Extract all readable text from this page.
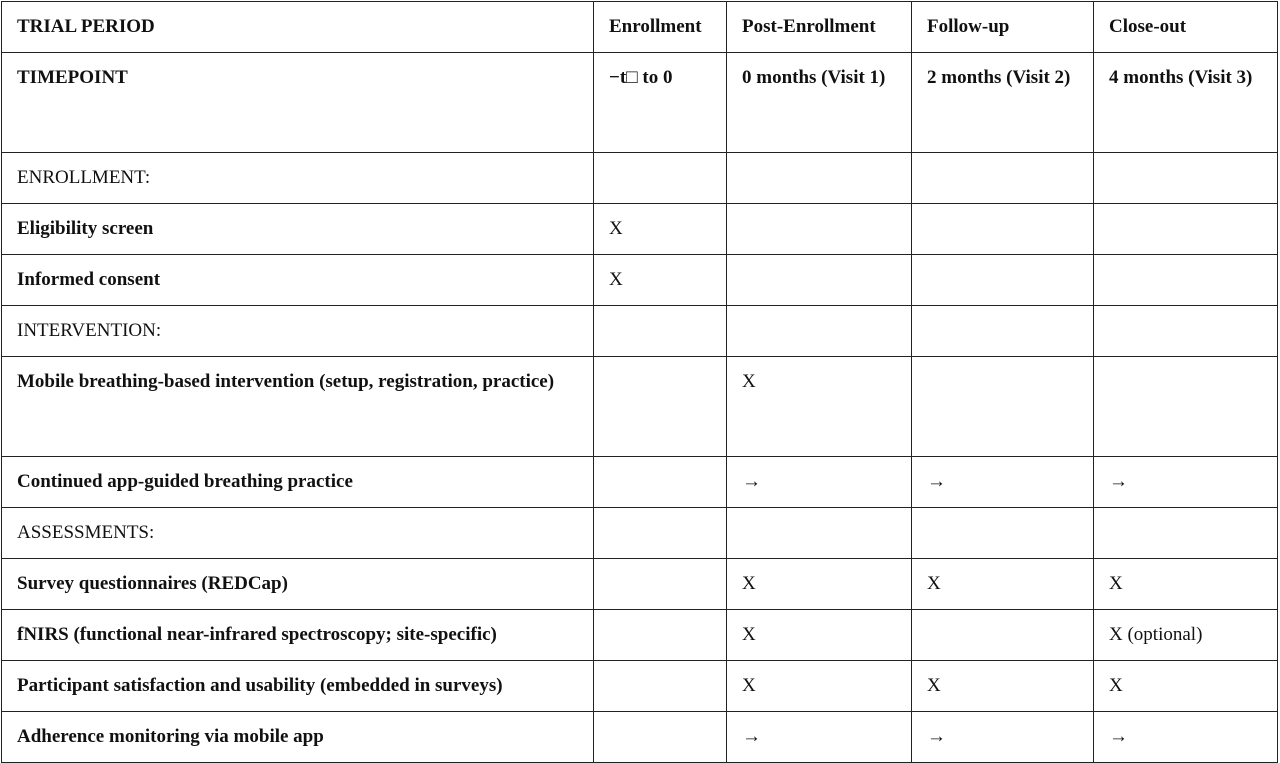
TRIAL PERIOD	Enrollment	Post-Enrollment	Follow-up	Close-out

TIMEPOINT	−t□ to 0	0 months (Visit 1)	2 months (Visit 2)	4 months (Visit 3)

ENROLLMENT:				

Eligibility screen	X			

Informed consent	X			

INTERVENTION:				

Mobile breathing-based intervention (setup, registration, practice)		X		

Continued app-guided breathing practice		→	→	→

ASSESSMENTS:				

Survey questionnaires (REDCap)		X	X	X

fNIRS (functional near-infrared spectroscopy; site-specific)		X		X (optional)

Participant satisfaction and usability (embedded in surveys)		X	X	X

Adherence monitoring via mobile app		→	→	→
